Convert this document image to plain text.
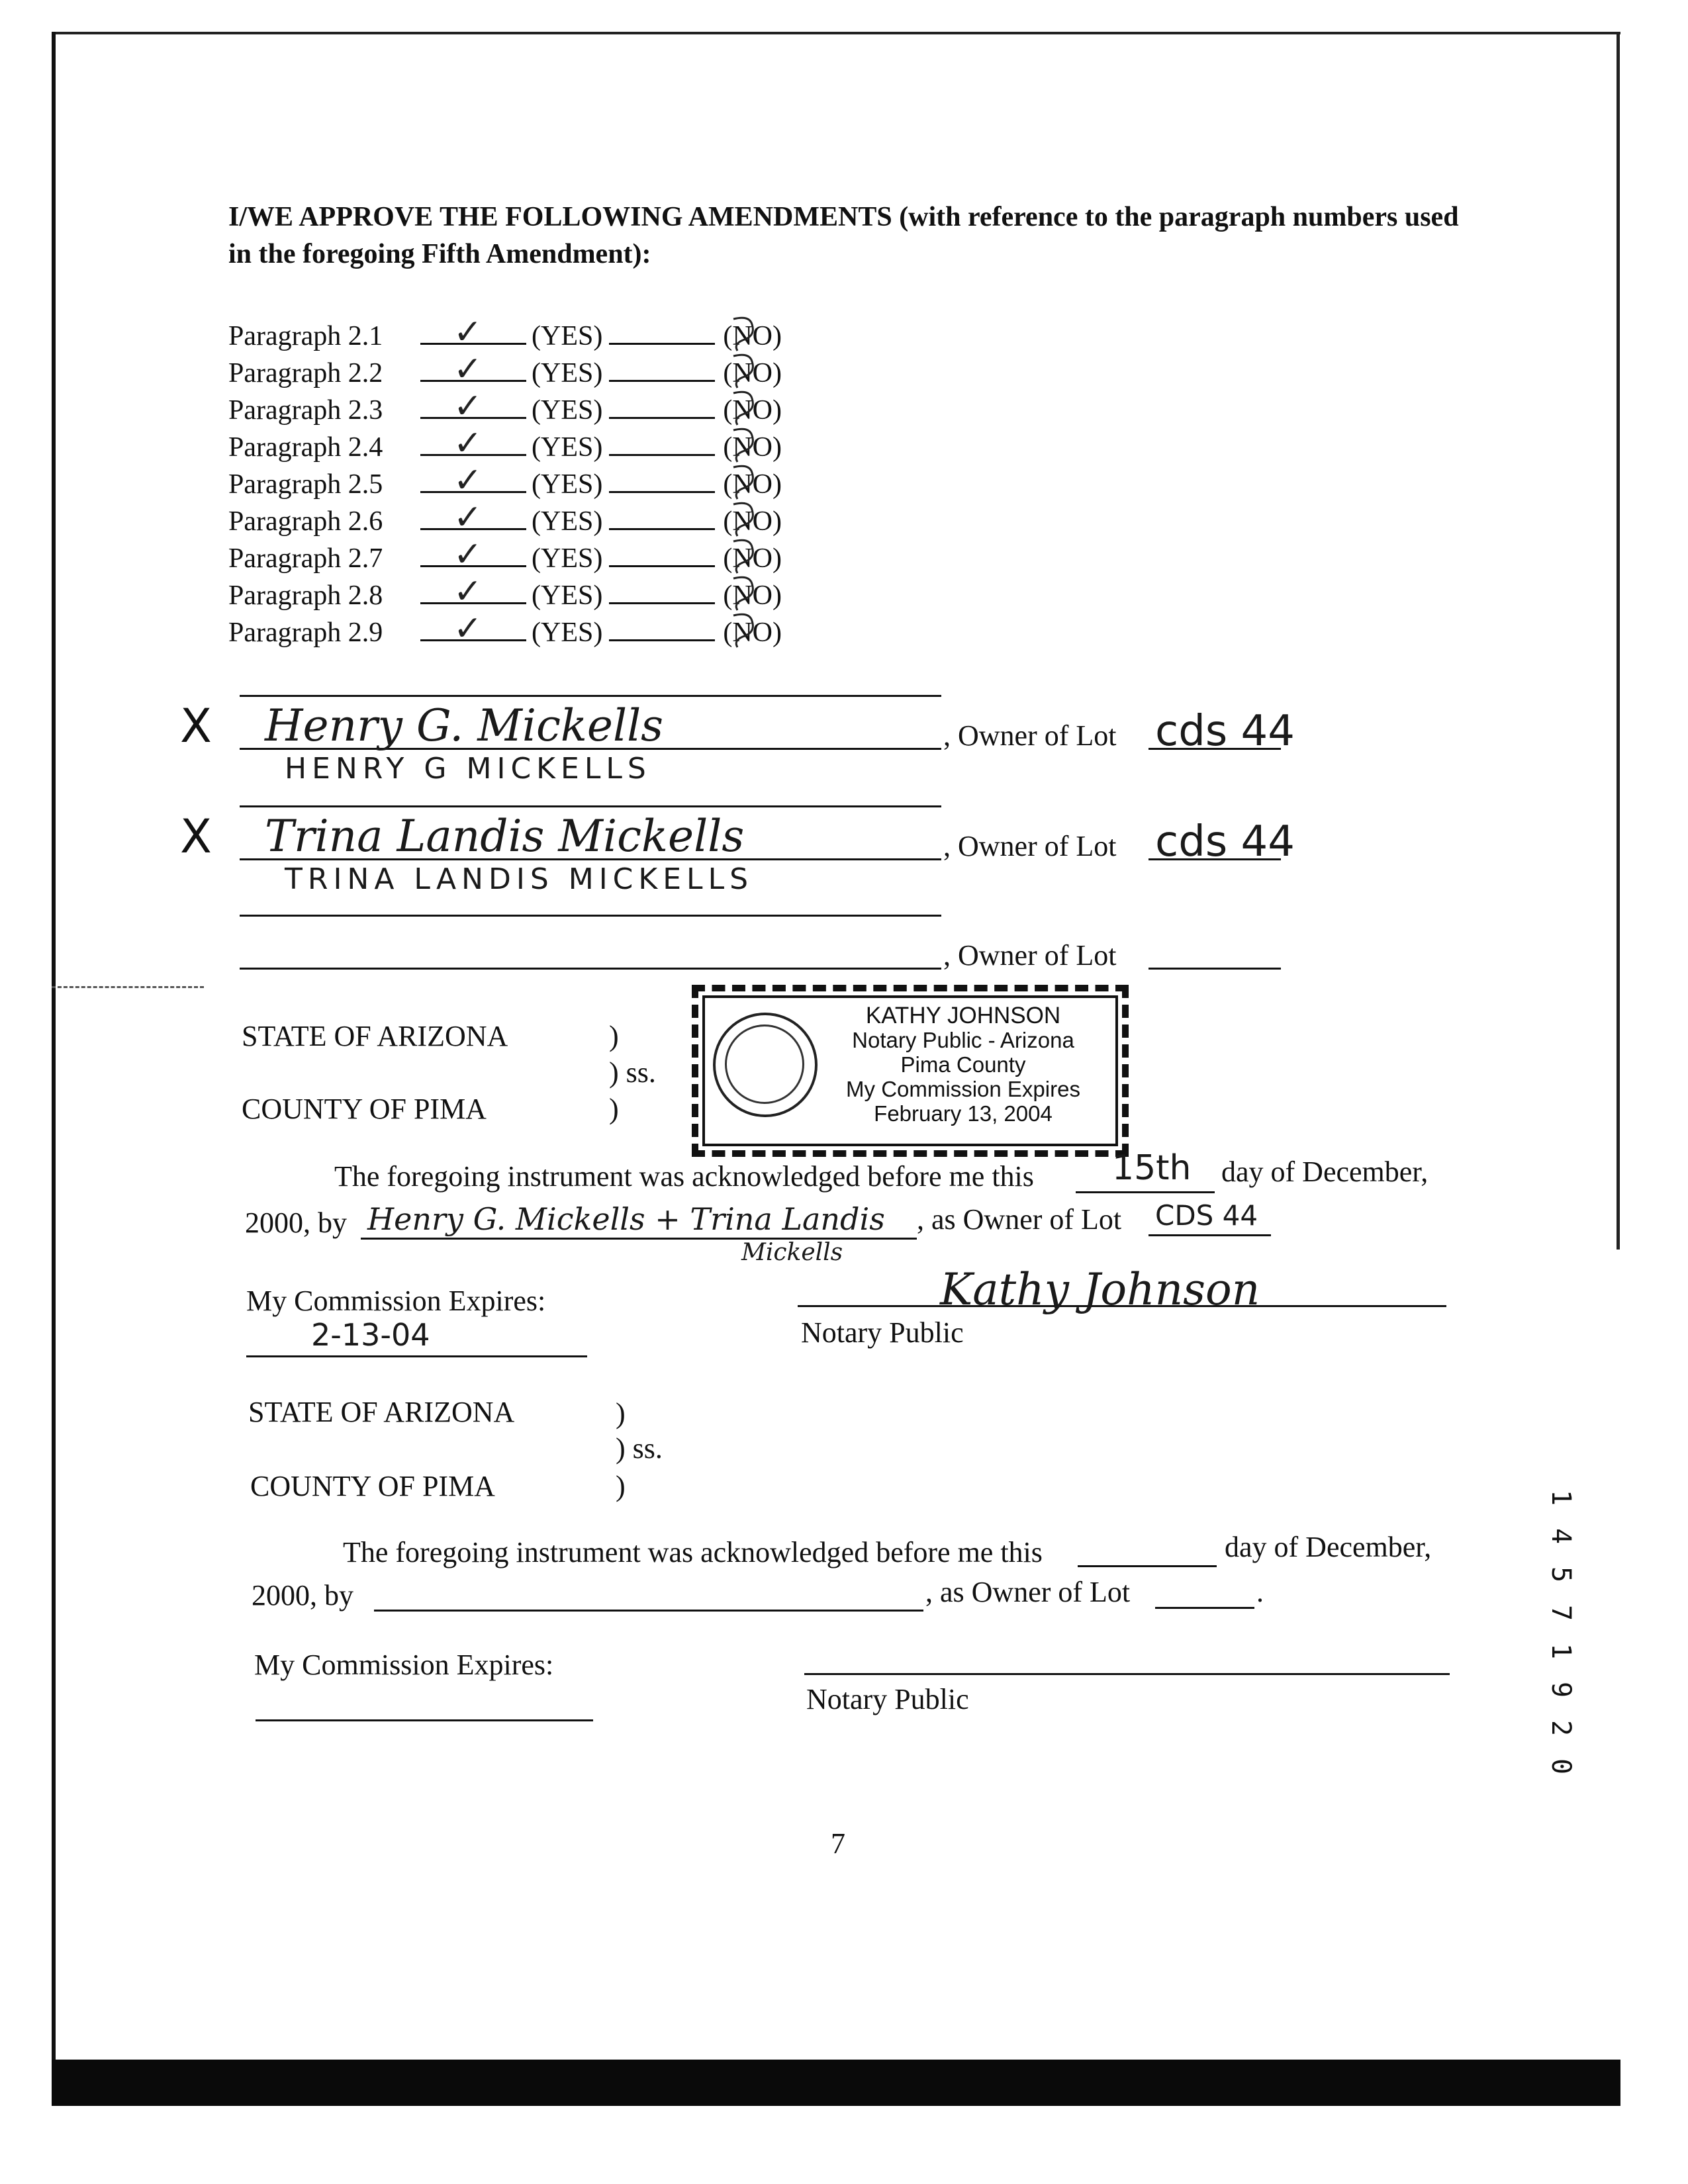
I/WE APPROVE THE FOLLOWING AMENDMENTS (with reference to the paragraph numbers used in the foregoing Fifth Amendment):
Paragraph 2.1 ✓ (YES)	(NO)
Paragraph 2.2 ✓ (YES)	(NO)
Paragraph 2.3 ✓ (YES)	(NO)
Paragraph 2.4 ✓ (YES)	(NO)
Paragraph 2.5 ✓ (YES)	(NO)
Paragraph 2.6 ✓ (YES)	(NO)
Paragraph 2.7 ✓ (YES)	(NO)
Paragraph 2.8 ✓ (YES)	(NO)
Paragraph 2.9 ✓ (YES)	(NO)
X Henry G. Mickells
HENRY G MICKELLS
, Owner of Lot cds 44
X Trina Landis Mickells
TRINA LANDIS MICKELLS
, Owner of Lot cds 44
, Owner of Lot
STATE OF ARIZONA	)
) ss.
COUNTY OF PIMA	)
KATHY JOHNSON
Notary Public - Arizona
Pima County
My Commission Expires
February 13, 2004
The foregoing instrument was acknowledged before me this 15th day of December,
2000, by Henry G. Mickells + Trina Landis
Mickells
, as Owner of Lot CDS 44
My Commission Expires:
2-13-04
Kathy Johnson
Notary Public
STATE OF ARIZONA	)
) ss.
COUNTY OF PIMA	)
The foregoing instrument was acknowledged before me this	day of December,
2000, by	, as Owner of Lot	.
My Commission Expires:
Notary Public
1
4
5
7
1
9
2
0
7
